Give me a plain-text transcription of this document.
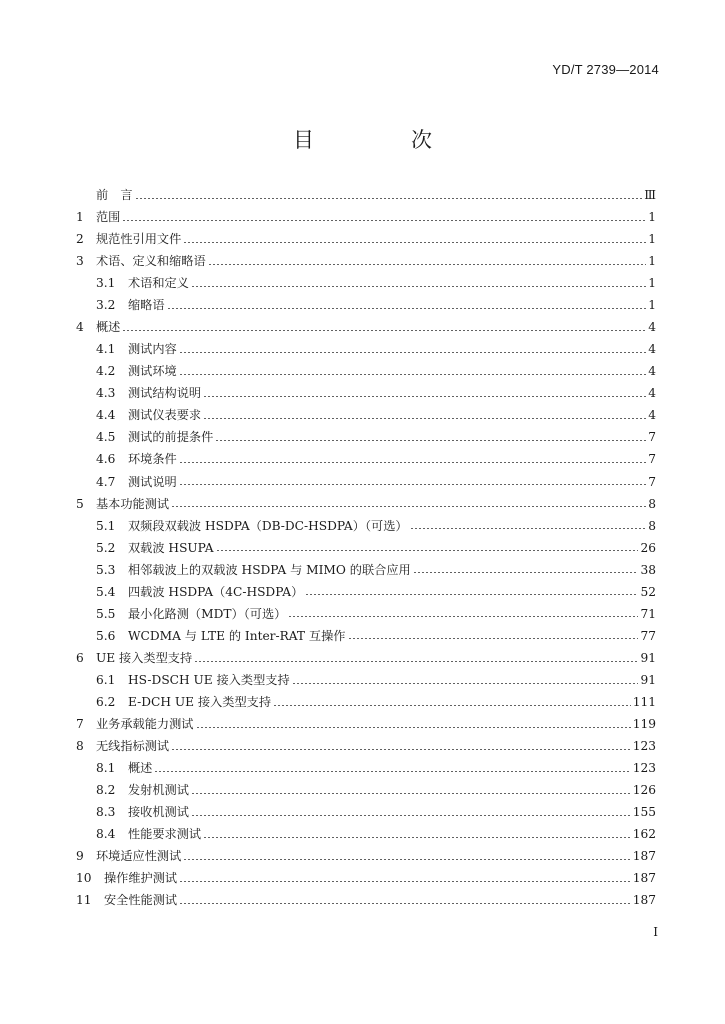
YD/T 2739—2014
目　次
前　言	Ⅲ
1	范围	1
2	规范性引用文件	1
3	术语、定义和缩略语	1
3.1	术语和定义	1
3.2	缩略语	1
4	概述	4
4.1	测试内容	4
4.2	测试环境	4
4.3	测试结构说明	4
4.4	测试仪表要求	4
4.5	测试的前提条件	7
4.6	环境条件	7
4.7	测试说明	7
5	基本功能测试	8
5.1	双频段双载波 HSDPA（DB-DC-HSDPA）（可选）	8
5.2	双载波 HSUPA	26
5.3	相邻载波上的双载波 HSDPA 与 MIMO 的联合应用	38
5.4	四载波 HSDPA（4C-HSDPA）	52
5.5	最小化路测（MDT）（可选）	71
5.6	WCDMA 与 LTE 的 Inter-RAT 互操作	77
6	UE 接入类型支持	91
6.1	HS-DSCH UE 接入类型支持	91
6.2	E-DCH UE 接入类型支持	111
7	业务承载能力测试	119
8	无线指标测试	123
8.1	概述	123
8.2	发射机测试	126
8.3	接收机测试	155
8.4	性能要求测试	162
9	环境适应性测试	187
10	操作维护测试	187
11	安全性能测试	187
I
